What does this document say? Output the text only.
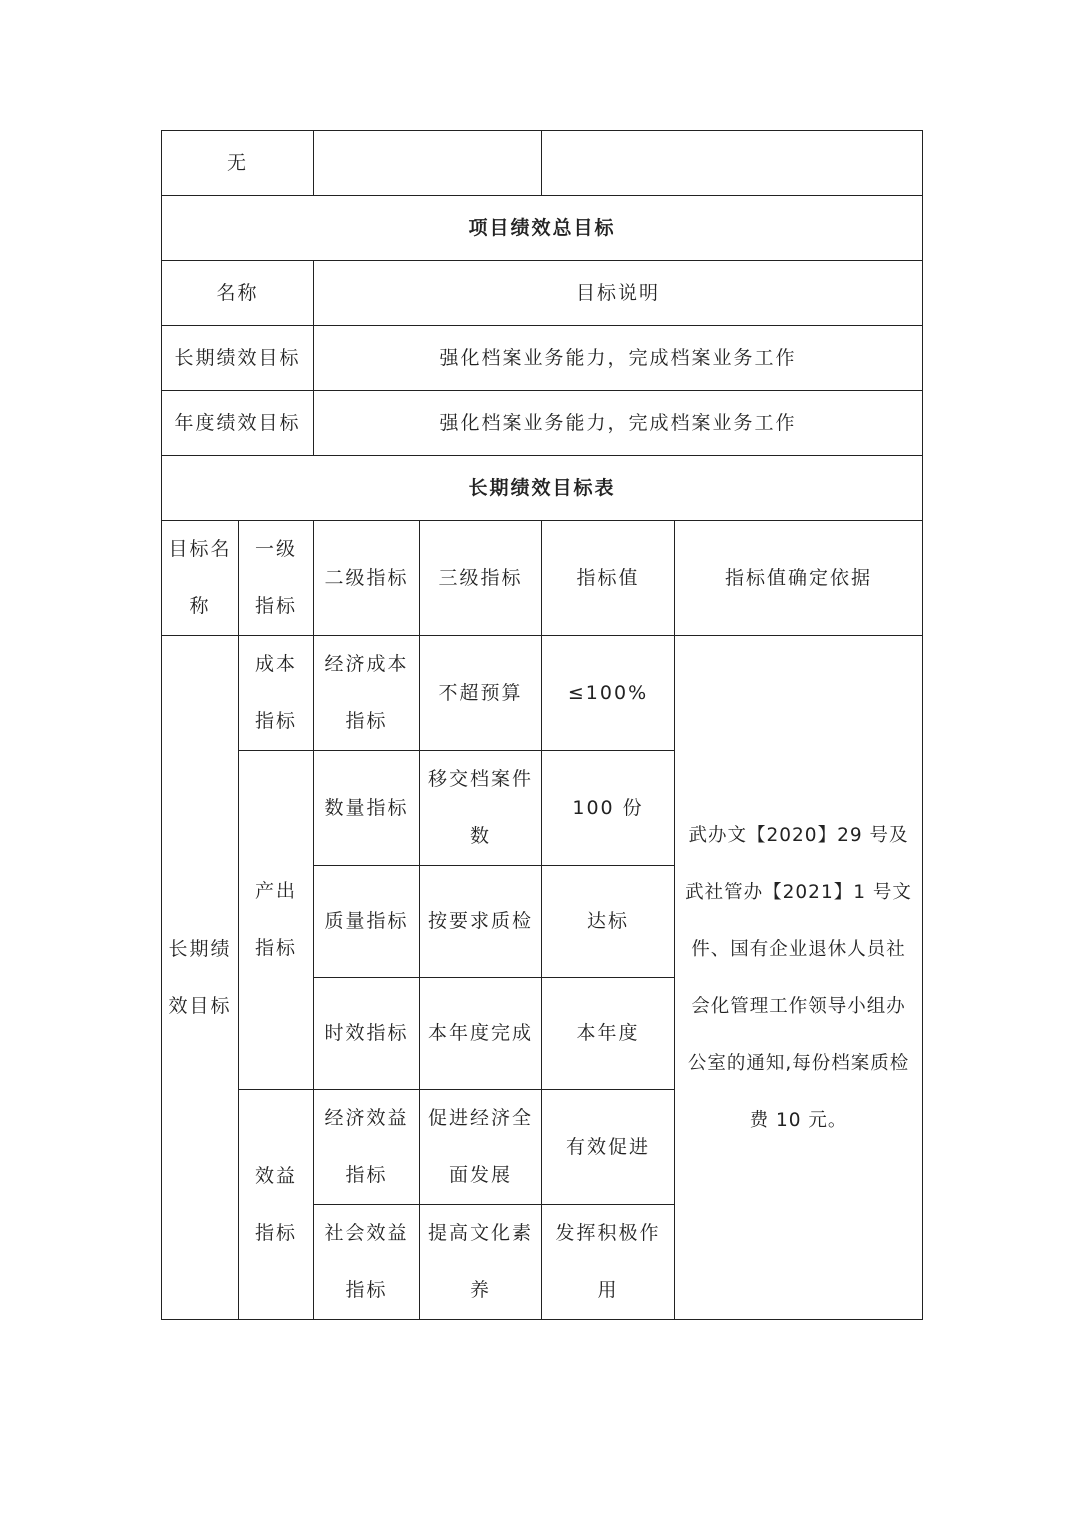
无					
项目绩效总目标					
名称		目标说明			
长期绩效目标		强化档案业务能力，完成档案业务工作			
年度绩效目标		强化档案业务能力，完成档案业务工作			
长期绩效目标表					
目标名称	一级指标	二级指标	三级指标	指标值	指标值确定依据
长期绩效目标	成本指标	经济成本指标	不超预算	≤100%	武办文【2020】29 号及武社管办【2021】1 号文件、国有企业退休人员社会化管理工作领导小组办公室的通知,每份档案质检费 10 元。
	产出指标	数量指标	移交档案件数	100 份	
		质量指标	按要求质检	达标	
		时效指标	本年度完成	本年度	
	效益指标	经济效益指标	促进经济全面发展	有效促进	
		社会效益指标	提高文化素养	发挥积极作用	
